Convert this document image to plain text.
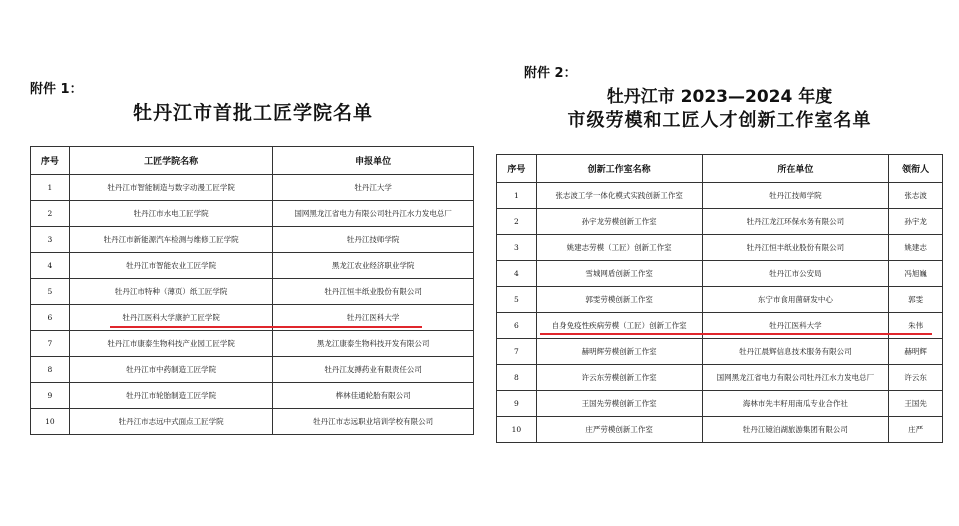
附件 1：
牡丹江市首批工匠学院名单
序号	工匠学院名称	申报单位
1	牡丹江市智能制造与数字动漫工匠学院	牡丹江大学
2	牡丹江市水电工匠学院	国网黑龙江省电力有限公司牡丹江水力发电总厂
3	牡丹江市新能源汽车检测与维修工匠学院	牡丹江技师学院
4	牡丹江市智能农业工匠学院	黑龙江农业经济职业学院
5	牡丹江市特种（薄页）纸工匠学院	牡丹江恒丰纸业股份有限公司
6	牡丹江医科大学康护工匠学院	牡丹江医科大学
7	牡丹江市康泰生物科技产业园工匠学院	黑龙江康泰生物科技开发有限公司
8	牡丹江市中药制造工匠学院	牡丹江友搏药业有限责任公司
9	牡丹江市轮胎制造工匠学院	桦林佳通轮胎有限公司
10	牡丹江市志远中式面点工匠学院	牡丹江市志远职业培训学校有限公司
附件 2：
牡丹江市 2023—2024 年度
市级劳模和工匠人才创新工作室名单
序号	创新工作室名称	所在单位	领衔人
1	张志波工学一体化模式实践创新工作室	牡丹江技师学院	张志波
2	孙宇龙劳模创新工作室	牡丹江龙江环保水务有限公司	孙宇龙
3	姚建志劳模（工匠）创新工作室	牡丹江恒丰纸业股份有限公司	姚建志
4	雪城网盾创新工作室	牡丹江市公安局	冯旭巍
5	郭雯劳模创新工作室	东宁市食用菌研发中心	郭雯
6	自身免疫性疾病劳模（工匠）创新工作室	牡丹江医科大学	朱伟
7	赫明辉劳模创新工作室	牡丹江晨辉信息技术服务有限公司	赫明辉
8	许云东劳模创新工作室	国网黑龙江省电力有限公司牡丹江水力发电总厂	许云东
9	王国先劳模创新工作室	海林市先丰籽用南瓜专业合作社	王国先
10	庄严劳模创新工作室	牡丹江镜泊湖旅游集团有限公司	庄严
